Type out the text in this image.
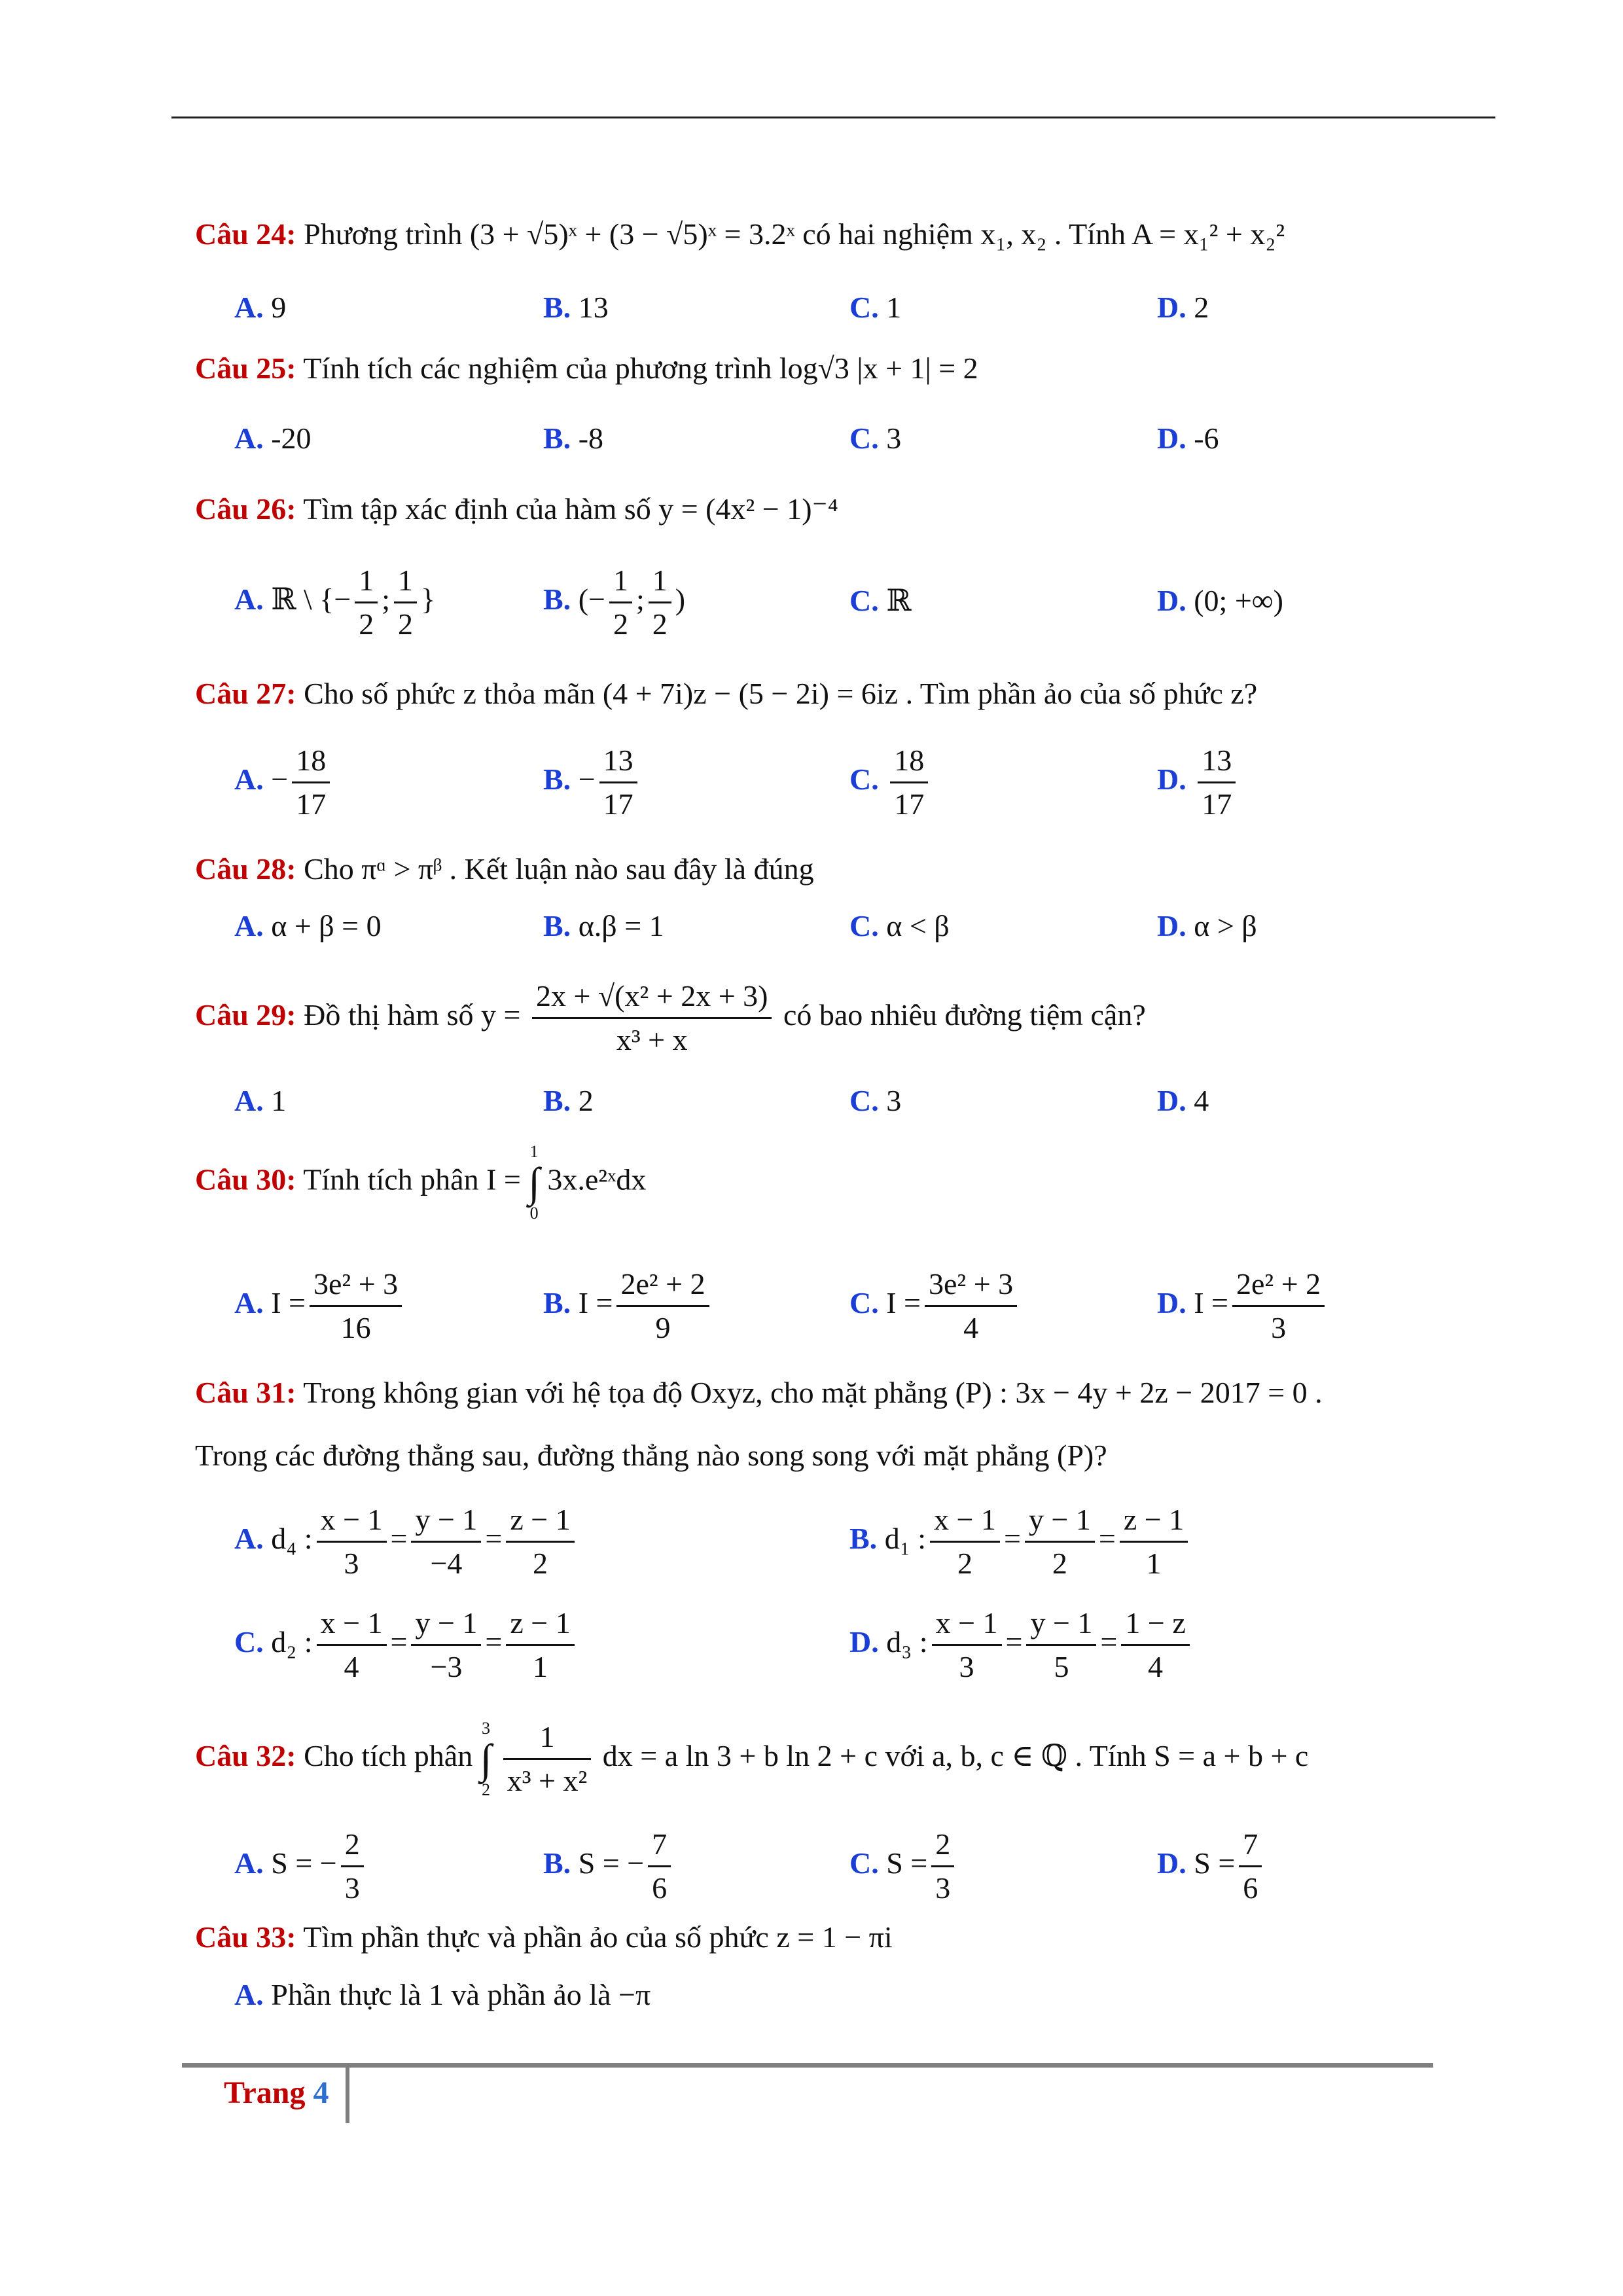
Câu 24: Phương trình (3 + √5)ˣ + (3 − √5)ˣ = 3.2ˣ có hai nghiệm x₁, x₂ . Tính A = x₁² + x₂²
A. 9	B. 13	C. 1	D. 2
Câu 25: Tính tích các nghiệm của phương trình log√3 |x + 1| = 2
A. -20	B. -8	C. 3	D. -6
Câu 26: Tìm tập xác định của hàm số y = (4x² − 1)⁻⁴
A. ℝ \ {− $\frac{1}{2}$ ; $\frac{1}{2}$ }	B. (− $\frac{1}{2}$ ; $\frac{1}{2}$ )	C. ℝ	D. (0; +∞)
Câu 27: Cho số phức z thỏa mãn (4 + 7i)z − (5 − 2i) = 6iz . Tìm phần ảo của số phức z?
A. − $\frac{18}{17}$	B. − $\frac{13}{17}$	C. $\frac{18}{17}$	D. $\frac{13}{17}$
Câu 28: Cho πᵅ > πᵝ . Kết luận nào sau đây là đúng
A. α + β = 0	B. α.β = 1	C. α < β	D. α > β
Câu 29: Đồ thị hàm số $y = \frac{\text{2x + √(x² + 2x + 3)}}{\text{x³ + x}}$ có bao nhiêu đường tiệm cận?
A. 1	B. 2	C. 3	D. 4
Câu 30: Tính tích phân I =
1
∫
0
3x.e²ˣdx
A. $I = \frac{\text{3e² + 3}}{16}$	B. $I = \frac{\text{2e² + 2}}{9}$	C. $I = \frac{\text{3e² + 3}}{4}$	D. $I = \frac{\text{2e² + 2}}{3}$
Câu 31: Trong không gian với hệ tọa độ Oxyz, cho mặt phẳng (P) : 3x − 4y + 2z − 2017 = 0 .
Trong các đường thẳng sau, đường thẳng nào song song với mặt phẳng (P)?
A. d₄ : $\frac{x - 1}{3} = \frac{y - 1}{-4} = \frac{z - 1}{2}$	B. d₁ : $\frac{x - 1}{2} = \frac{y - 1}{2} = \frac{z - 1}{1}$
C. d₂ : $\frac{x - 1}{4} = \frac{y - 1}{-3} = \frac{z - 1}{1}$	D. d₃ : $\frac{x - 1}{3} = \frac{y - 1}{5} = \frac{1 - z}{4}$
Câu 32: Cho tích phân
3
∫
2
$\frac{1}{\text{x³ + x²}}$ dx = a ln 3 + b ln 2 + c với a, b, c ∈ ℚ . Tính S = a + b + c
A. S = − $\frac{2}{3}$	B. S = − $\frac{7}{6}$	C. $S = \frac{2}{3}$	D. $S = \frac{7}{6}$
Câu 33: Tìm phần thực và phần ảo của số phức z = 1 − πi
A. Phần thực là 1 và phần ảo là −π
Trang 4
